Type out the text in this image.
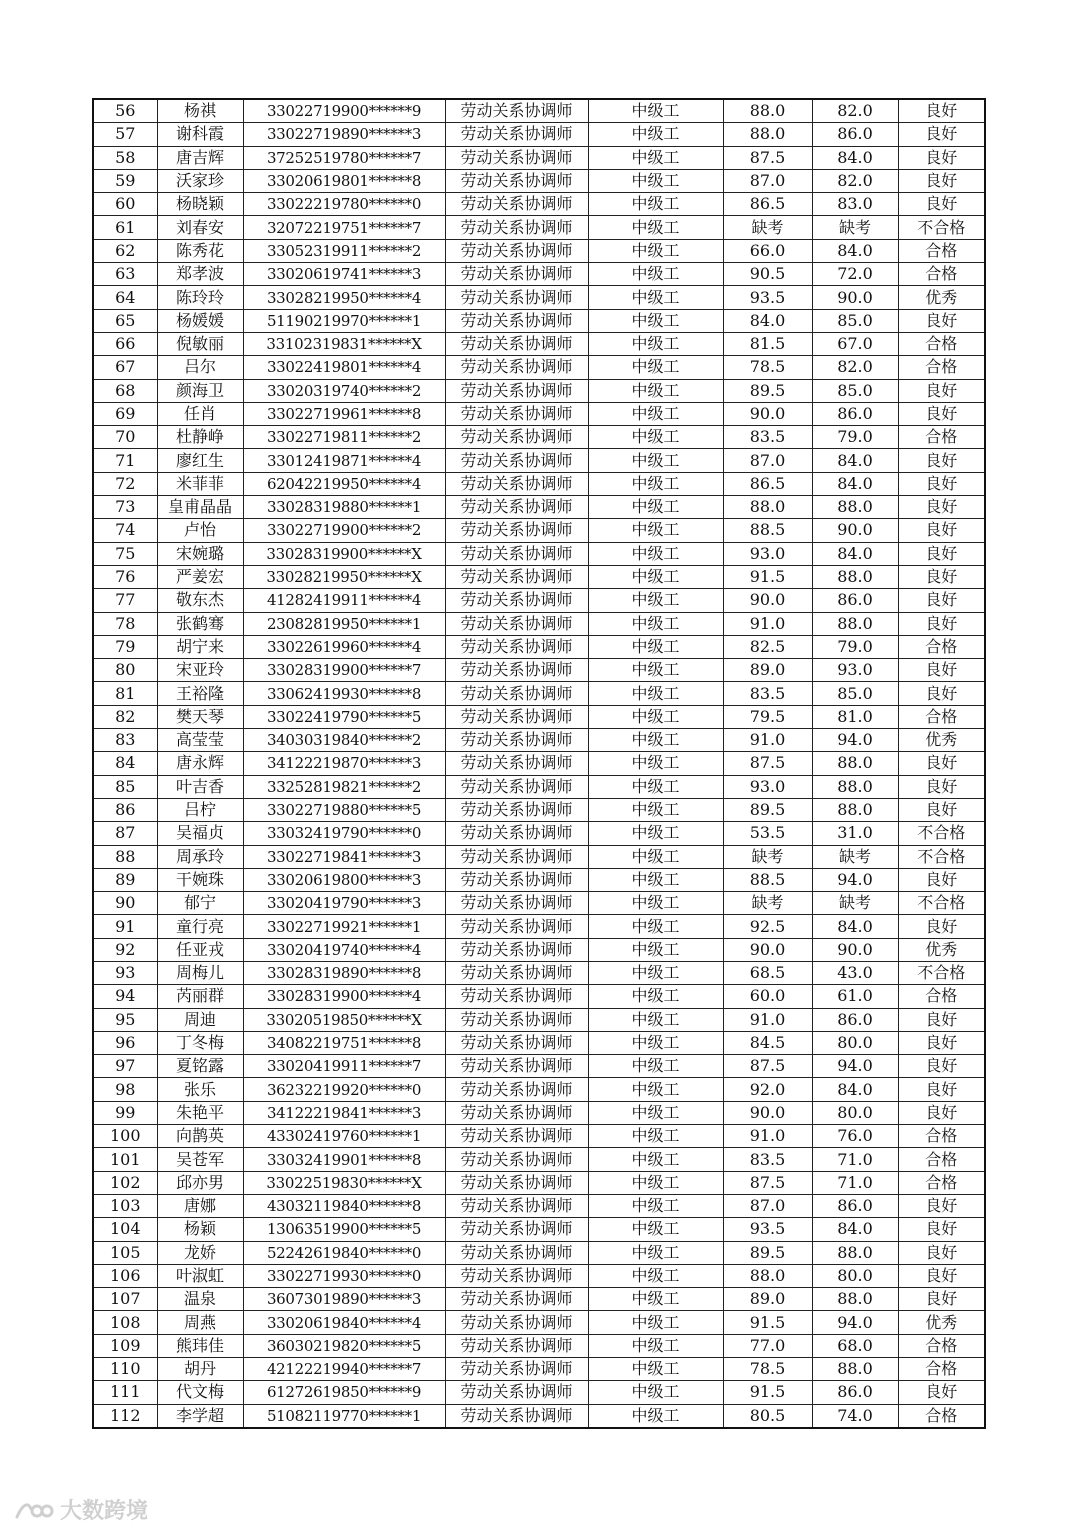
56	杨祺	33022719900******9	劳动关系协调师	中级工	88.0	82.0	良好
57	谢科霞	33022719890******3	劳动关系协调师	中级工	88.0	86.0	良好
58	唐吉辉	37252519780******7	劳动关系协调师	中级工	87.5	84.0	良好
59	沃家珍	33020619801******8	劳动关系协调师	中级工	87.0	82.0	良好
60	杨晓颖	33022219780******0	劳动关系协调师	中级工	86.5	83.0	良好
61	刘春安	32072219751******7	劳动关系协调师	中级工	缺考	缺考	不合格
62	陈秀花	33052319911******2	劳动关系协调师	中级工	66.0	84.0	合格
63	郑孝波	33020619741******3	劳动关系协调师	中级工	90.5	72.0	合格
64	陈玲玲	33028219950******4	劳动关系协调师	中级工	93.5	90.0	优秀
65	杨媛媛	51190219970******1	劳动关系协调师	中级工	84.0	85.0	良好
66	倪敏丽	33102319831******X	劳动关系协调师	中级工	81.5	67.0	合格
67	吕尔	33022419801******4	劳动关系协调师	中级工	78.5	82.0	合格
68	颜海卫	33020319740******2	劳动关系协调师	中级工	89.5	85.0	良好
69	任肖	33022719961******8	劳动关系协调师	中级工	90.0	86.0	良好
70	杜静峥	33022719811******2	劳动关系协调师	中级工	83.5	79.0	合格
71	廖红生	33012419871******4	劳动关系协调师	中级工	87.0	84.0	良好
72	米菲菲	62042219950******4	劳动关系协调师	中级工	86.5	84.0	良好
73	皇甫晶晶	33028319880******1	劳动关系协调师	中级工	88.0	88.0	良好
74	卢怡	33022719900******2	劳动关系协调师	中级工	88.5	90.0	良好
75	宋婉璐	33028319900******X	劳动关系协调师	中级工	93.0	84.0	良好
76	严姜宏	33028219950******X	劳动关系协调师	中级工	91.5	88.0	良好
77	敬东杰	41282419911******4	劳动关系协调师	中级工	90.0	86.0	良好
78	张鹤骞	23082819950******1	劳动关系协调师	中级工	91.0	88.0	良好
79	胡宁来	33022619960******4	劳动关系协调师	中级工	82.5	79.0	合格
80	宋亚玲	33028319900******7	劳动关系协调师	中级工	89.0	93.0	良好
81	王裕隆	33062419930******8	劳动关系协调师	中级工	83.5	85.0	良好
82	樊天琴	33022419790******5	劳动关系协调师	中级工	79.5	81.0	合格
83	高莹莹	34030319840******2	劳动关系协调师	中级工	91.0	94.0	优秀
84	唐永辉	34122219870******3	劳动关系协调师	中级工	87.5	88.0	良好
85	叶吉香	33252819821******2	劳动关系协调师	中级工	93.0	88.0	良好
86	吕柠	33022719880******5	劳动关系协调师	中级工	89.5	88.0	良好
87	吴福贞	33032419790******0	劳动关系协调师	中级工	53.5	31.0	不合格
88	周承玲	33022719841******3	劳动关系协调师	中级工	缺考	缺考	不合格
89	干婉珠	33020619800******3	劳动关系协调师	中级工	88.5	94.0	良好
90	郁宁	33020419790******3	劳动关系协调师	中级工	缺考	缺考	不合格
91	童行亮	33022719921******1	劳动关系协调师	中级工	92.5	84.0	良好
92	任亚戎	33020419740******4	劳动关系协调师	中级工	90.0	90.0	优秀
93	周梅儿	33028319890******8	劳动关系协调师	中级工	68.5	43.0	不合格
94	芮丽群	33028319900******4	劳动关系协调师	中级工	60.0	61.0	合格
95	周迪	33020519850******X	劳动关系协调师	中级工	91.0	86.0	良好
96	丁冬梅	34082219751******8	劳动关系协调师	中级工	84.5	80.0	良好
97	夏铭露	33020419911******7	劳动关系协调师	中级工	87.5	94.0	良好
98	张乐	36232219920******0	劳动关系协调师	中级工	92.0	84.0	良好
99	朱艳平	34122219841******3	劳动关系协调师	中级工	90.0	80.0	良好
100	向鹊英	43302419760******1	劳动关系协调师	中级工	91.0	76.0	合格
101	吴苍军	33032419901******8	劳动关系协调师	中级工	83.5	71.0	合格
102	邱亦男	33022519830******X	劳动关系协调师	中级工	87.5	71.0	合格
103	唐娜	43032119840******8	劳动关系协调师	中级工	87.0	86.0	良好
104	杨颖	13063519900******5	劳动关系协调师	中级工	93.5	84.0	良好
105	龙娇	52242619840******0	劳动关系协调师	中级工	89.5	88.0	良好
106	叶淑虹	33022719930******0	劳动关系协调师	中级工	88.0	80.0	良好
107	温泉	36073019890******3	劳动关系协调师	中级工	89.0	88.0	良好
108	周燕	33020619840******4	劳动关系协调师	中级工	91.5	94.0	优秀
109	熊玮佳	36030219820******5	劳动关系协调师	中级工	77.0	68.0	合格
110	胡丹	42122219940******7	劳动关系协调师	中级工	78.5	88.0	合格
111	代文梅	61272619850******9	劳动关系协调师	中级工	91.5	86.0	良好
112	李学超	51082119770******1	劳动关系协调师	中级工	80.5	74.0	合格
大数跨境
